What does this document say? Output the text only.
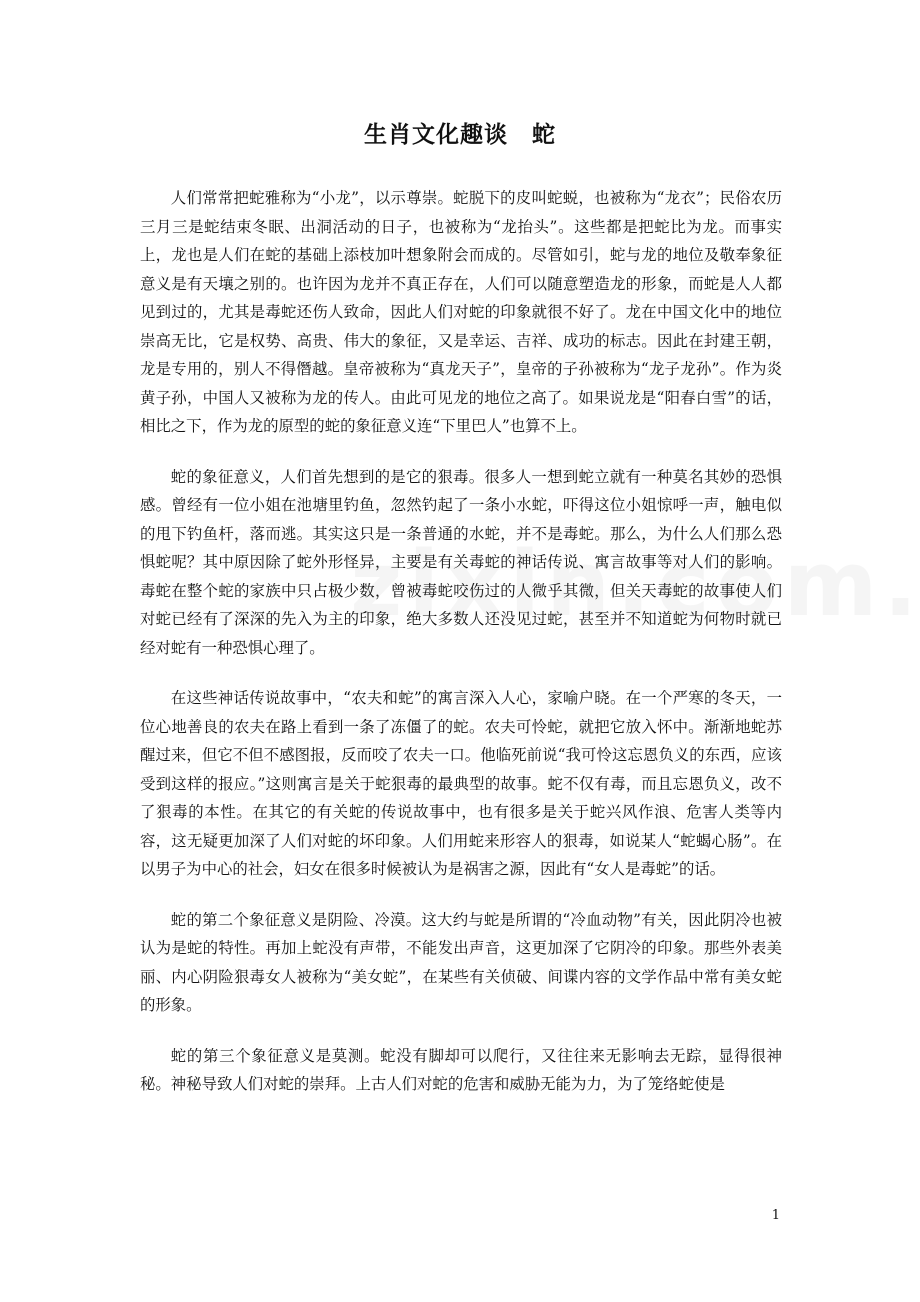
生肖文化趣谈　蛇

人们常常把蛇雅称为“小龙”，以示尊崇。蛇脱下的皮叫蛇蜕，也被称为“龙衣”；民俗农历三月三是蛇结束冬眠、出洞活动的日子，也被称为“龙抬头”。这些都是把蛇比为龙。而事实上，龙也是人们在蛇的基础上添枝加叶想象附会而成的。尽管如引，蛇与龙的地位及敬奉象征意义是有天壤之别的。也许因为龙并不真正存在，人们可以随意塑造龙的形象，而蛇是人人都见到过的，尤其是毒蛇还伤人致命，因此人们对蛇的印象就很不好了。龙在中国文化中的地位崇高无比，它是权势、高贵、伟大的象征，又是幸运、吉祥、成功的标志。因此在封建王朝，龙是专用的，别人不得僭越。皇帝被称为“真龙天子”，皇帝的子孙被称为“龙子龙孙”。作为炎黄子孙，中国人又被称为龙的传人。由此可见龙的地位之高了。如果说龙是“阳春白雪”的话，相比之下，作为龙的原型的蛇的象征意义连“下里巴人”也算不上。

蛇的象征意义，人们首先想到的是它的狠毒。很多人一想到蛇立就有一种莫名其妙的恐惧感。曾经有一位小姐在池塘里钓鱼，忽然钓起了一条小水蛇，吓得这位小姐惊呼一声，触电似的甩下钓鱼杆，落而逃。其实这只是一条普通的水蛇，并不是毒蛇。那么，为什么人们那么恐惧蛇呢？其中原因除了蛇外形怪异，主要是有关毒蛇的神话传说、寓言故事等对人们的影响。毒蛇在整个蛇的家族中只占极少数，曾被毒蛇咬伤过的人微乎其微，但关天毒蛇的故事使人们对蛇已经有了深深的先入为主的印象，绝大多数人还没见过蛇，甚至并不知道蛇为何物时就已经对蛇有一种恐惧心理了。

在这些神话传说故事中，“农夫和蛇”的寓言深入人心，家喻户晓。在一个严寒的冬天，一位心地善良的农夫在路上看到一条了冻僵了的蛇。农夫可怜蛇，就把它放入怀中。渐渐地蛇苏醒过来，但它不但不感图报，反而咬了农夫一口。他临死前说“我可怜这忘恩负义的东西，应该受到这样的报应。”这则寓言是关于蛇狠毒的最典型的故事。蛇不仅有毒，而且忘恩负义，改不了狠毒的本性。在其它的有关蛇的传说故事中，也有很多是关于蛇兴风作浪、危害人类等内容，这无疑更加深了人们对蛇的坏印象。人们用蛇来形容人的狠毒，如说某人“蛇蝎心肠”。在以男子为中心的社会，妇女在很多时候被认为是祸害之源，因此有“女人是毒蛇”的话。

蛇的第二个象征意义是阴险、冷漠。这大约与蛇是所谓的“冷血动物”有关，因此阴冷也被认为是蛇的特性。再加上蛇没有声带，不能发出声音，这更加深了它阴冷的印象。那些外表美丽、内心阴险狠毒女人被称为“美女蛇”，在某些有关侦破、间谍内容的文学作品中常有美女蛇的形象。

蛇的第三个象征意义是莫测。蛇没有脚却可以爬行，又往往来无影响去无踪，显得很神秘。神秘导致人们对蛇的崇拜。上古人们对蛇的危害和威胁无能为力，为了笼络蛇使是

1
